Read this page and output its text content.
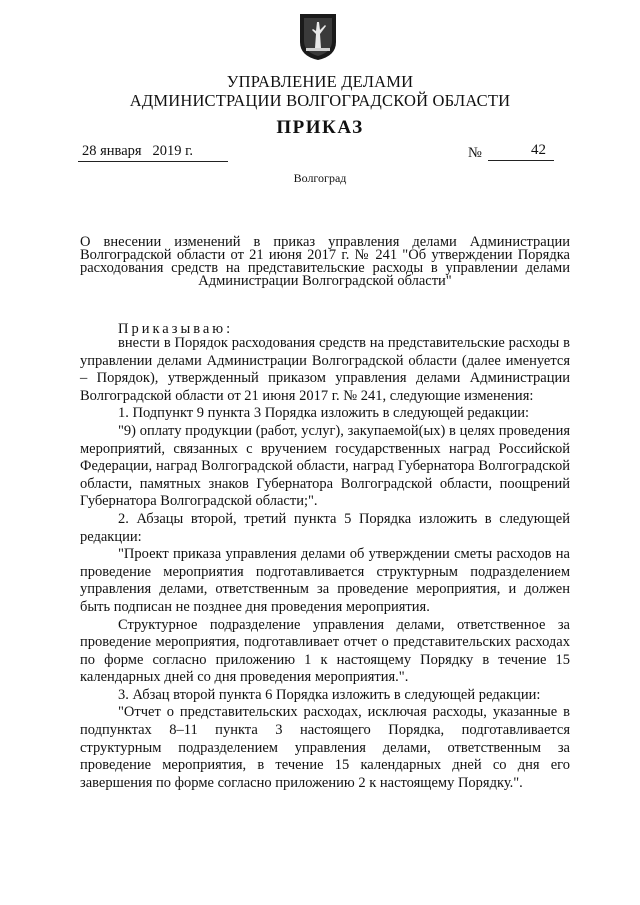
УПРАВЛЕНИЕ ДЕЛАМИ
АДМИНИСТРАЦИИ ВОЛГОГРАДСКОЙ ОБЛАСТИ
ПРИКАЗ
28 января   2019 г.	№	42
Волгоград
О внесении изменений в приказ управления делами Администрации Волгоградской области от 21 июня 2017 г. № 241 "Об утверждении Порядка расходования средств на представительские расходы в управлении делами Администрации Волгоградской области"
Приказываю:

внести в Порядок расходования средств на представительские расходы в управлении делами Администрации Волгоградской области (далее именуется – Порядок), утвержденный приказом управления делами Администрации Волгоградской области от 21 июня 2017 г. № 241, следующие изменения:

1. Подпункт 9 пункта 3 Порядка изложить в следующей редакции:

"9) оплату продукции (работ, услуг), закупаемой(ых) в целях проведения мероприятий, связанных с вручением государственных наград Российской Федерации, наград Волгоградской области, наград Губернатора Волгоградской области, памятных знаков Губернатора Волгоградской области, поощрений Губернатора Волгоградской области;".

2. Абзацы второй, третий пункта 5 Порядка изложить в следующей редакции:

"Проект приказа управления делами об утверждении сметы расходов на проведение мероприятия подготавливается структурным подразделением управления делами, ответственным за проведение мероприятия, и должен быть подписан не позднее дня проведения мероприятия.

Структурное подразделение управления делами, ответственное за проведение мероприятия, подготавливает отчет о представительских расходах по форме согласно приложению 1 к настоящему Порядку в течение 15 календарных дней со дня проведения мероприятия.".

3. Абзац второй пункта 6 Порядка изложить в следующей редакции:

"Отчет о представительских расходах, исключая расходы, указанные в подпунктах 8–11 пункта 3 настоящего Порядка, подготавливается структурным подразделением управления делами, ответственным за проведение мероприятия, в течение 15 календарных дней со дня его завершения по форме согласно приложению 2 к настоящему Порядку.".
